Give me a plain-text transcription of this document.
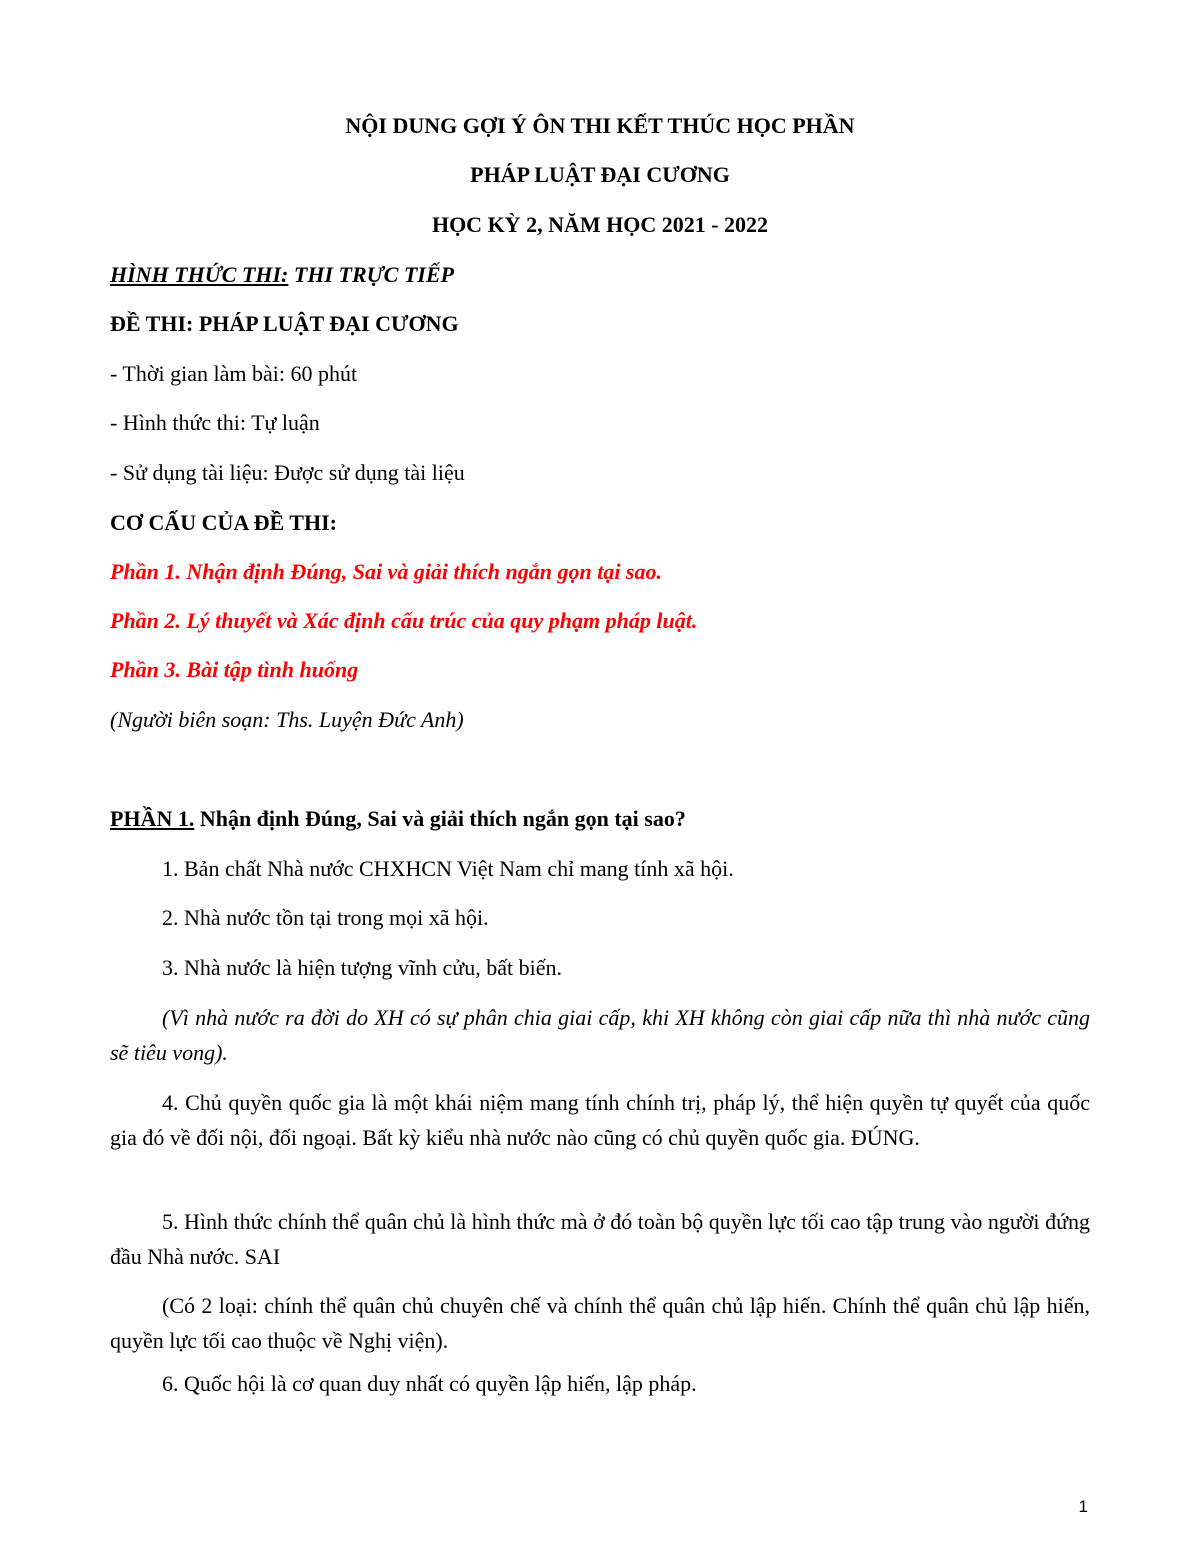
NỘI DUNG GỢI Ý ÔN THI KẾT THÚC HỌC PHẦN
PHÁP LUẬT ĐẠI CƯƠNG
HỌC KỲ 2, NĂM HỌC 2021 - 2022
HÌNH THỨC THI: THI TRỰC TIẾP
ĐỀ THI: PHÁP LUẬT ĐẠI CƯƠNG
- Thời gian làm bài: 60 phút
- Hình thức thi: Tự luận
- Sử dụng tài liệu: Được sử dụng tài liệu
CƠ CẤU CỦA ĐỀ THI:
Phần 1. Nhận định Đúng, Sai và giải thích ngắn gọn tại sao.
Phần 2. Lý thuyết và Xác định cấu trúc của quy phạm pháp luật.
Phần 3. Bài tập tình huống
(Người biên soạn: Ths. Luyện Đức Anh)
PHẦN 1. Nhận định Đúng, Sai và giải thích ngắn gọn tại sao?
1. Bản chất Nhà nước CHXHCN Việt Nam chỉ mang tính xã hội.
2. Nhà nước tồn tại trong mọi xã hội.
3. Nhà nước là hiện tượng vĩnh cửu, bất biến.
(Vì nhà nước ra đời do XH có sự phân chia giai cấp, khi XH không còn giai cấp nữa thì nhà nước cũng sẽ tiêu vong).
4. Chủ quyền quốc gia là một khái niệm mang tính chính trị, pháp lý, thể hiện quyền tự quyết của quốc gia đó về đối nội, đối ngoại. Bất kỳ kiểu nhà nước nào cũng có chủ quyền quốc gia. ĐÚNG.
5. Hình thức chính thể quân chủ là hình thức mà ở đó toàn bộ quyền lực tối cao tập trung vào người đứng đầu Nhà nước. SAI
(Có 2 loại: chính thể quân chủ chuyên chế và chính thể quân chủ lập hiến. Chính thể quân chủ lập hiến, quyền lực tối cao thuộc về Nghị viện).
6. Quốc hội là cơ quan duy nhất có quyền lập hiến, lập pháp.
1
